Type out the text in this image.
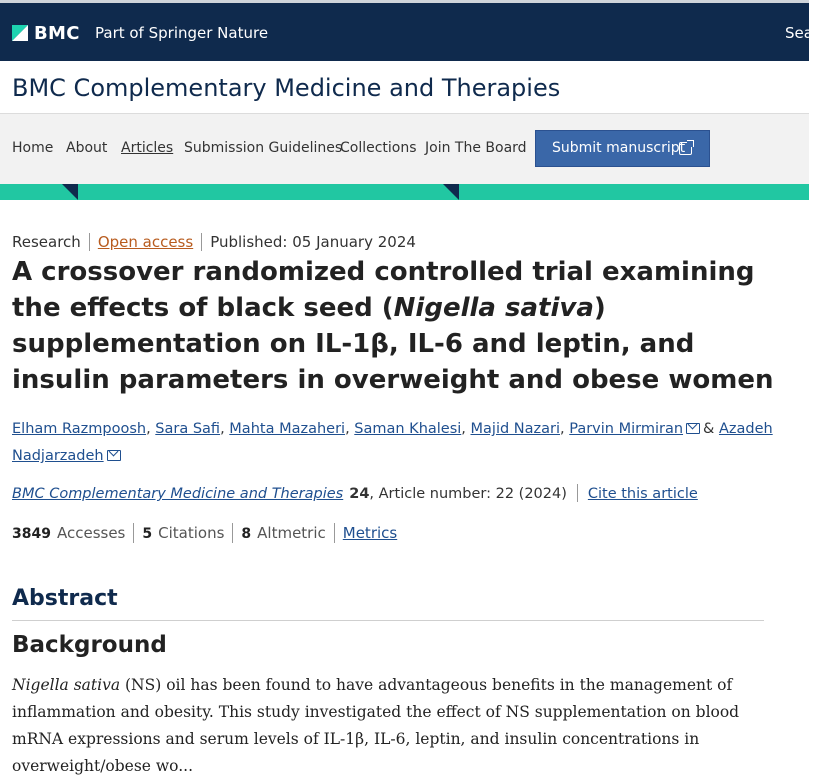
BMC Part of Springer Nature	Search
BMC Complementary Medicine and Therapies
Home About Articles Submission Guidelines
Collections Join The Board	Submit manuscript
Research Open access Published: 05 January 2024
A crossover randomized controlled trial examining the effects of black seed (Nigella sativa) supplementation on IL-1β, IL-6 and leptin, and insulin parameters in overweight and obese women
Elham Razmpoosh, Sara Safi, Mahta Mazaheri, Saman Khalesi, Majid Nazari, Parvin Mirmiran & Azadeh Nadjarzadeh
BMC Complementary Medicine and Therapies 24, Article number: 22 (2024) Cite this article
3849 Accesses 5 Citations 8 Altmetric Metrics
Abstract
Background

Nigella sativa (NS) oil has been found to have advantageous benefits in the management of inflammation and obesity. This study investigated the effect of NS supplementation on blood mRNA expressions and serum levels of IL-1β, IL-6, leptin, and insulin concentrations in overweight/obese wo...
